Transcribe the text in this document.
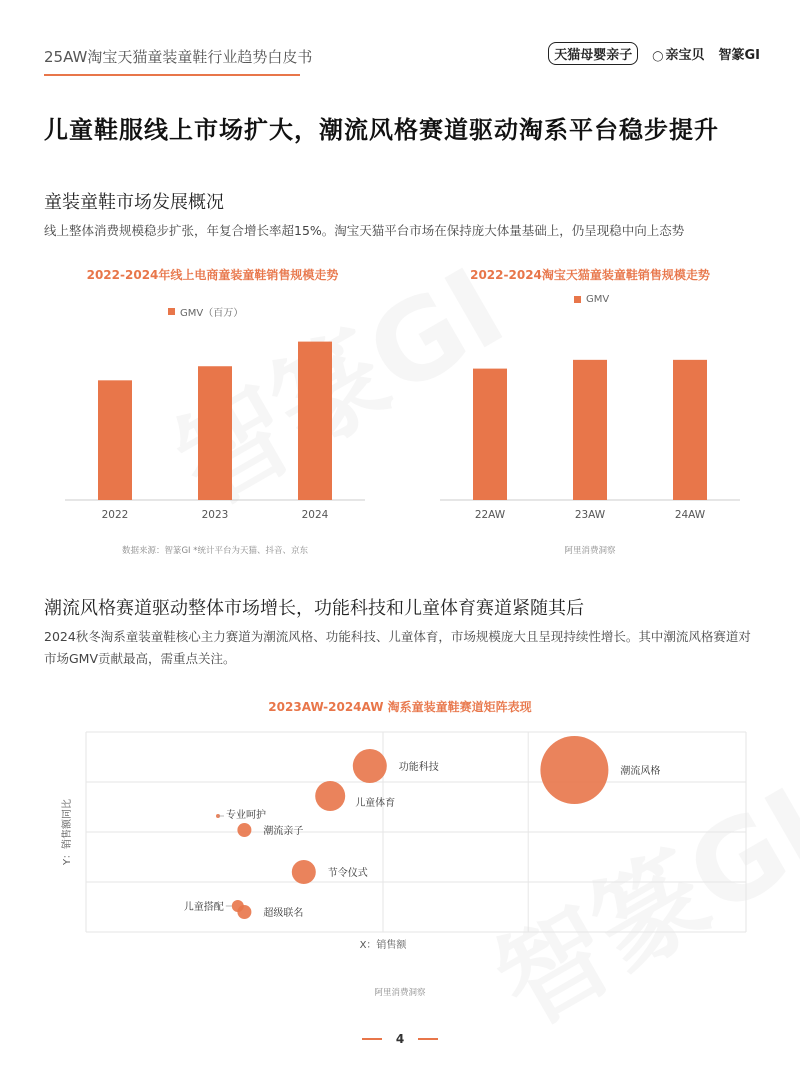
25AW淘宝天猫童装童鞋行业趋势白皮书	天猫母婴亲子
◯	亲宝贝 智篆GI
儿童鞋服线上市场扩大，潮流风格赛道驱动淘系平台稳步提升
童装童鞋市场发展概况
线上整体消费规模稳步扩张，年复合增长率超15%。淘宝天猫平台市场在保持庞大体量基础上，仍呈现稳中向上态势
2022-2024年线上电商童装童鞋销售规模走势
GMV（百万）
2022	2023	2024
数据来源：智篆GI *统计平台为天猫、抖音、京东
2022-2024淘宝天猫童装童鞋销售规模走势
GMV
22AW	23AW	24AW
阿里消费洞察
潮流风格赛道驱动整体市场增长，功能科技和儿童体育赛道紧随其后
2024秋冬淘系童装童鞋核心主力赛道为潮流风格、功能科技、儿童体育，市场规模庞大且呈现持续性增长。其中潮流风格赛道对市场GMV贡献最高，需重点关注。
2023AW-2024AW 淘系童装童鞋赛道矩阵表现
X：销售额
Y：销售额同比
潮流风格
功能科技
儿童体育
专业呵护
潮流亲子
节令仪式
儿童搭配
超级联名
阿里消费洞察
4
